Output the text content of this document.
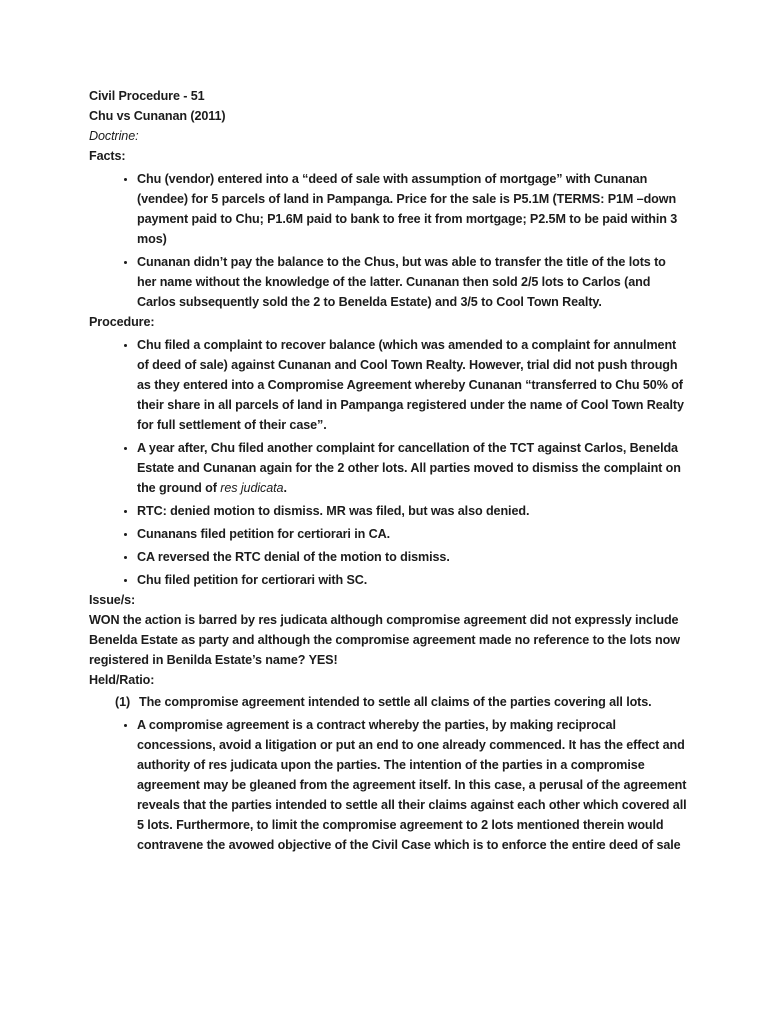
Civil Procedure - 51

Chu vs Cunanan (2011)

Doctrine:

Facts:

• Chu (vendor) entered into a “deed of sale with assumption of mortgage” with Cunanan (vendee) for 5 parcels of land in Pampanga. Price for the sale is P5.1M (TERMS: P1M –down payment paid to Chu; P1.6M paid to bank to free it from mortgage; P2.5M to be paid within 3 mos)
• Cunanan didn’t pay the balance to the Chus, but was able to transfer the title of the lots to her name without the knowledge of the latter. Cunanan then sold 2/5 lots to Carlos (and Carlos subsequently sold the 2 to Benelda Estate) and 3/5 to Cool Town Realty.

Procedure:

• Chu filed a complaint to recover balance (which was amended to a complaint for annulment of deed of sale) against Cunanan and Cool Town Realty. However, trial did not push through as they entered into a Compromise Agreement whereby Cunanan “transferred to Chu 50% of their share in all parcels of land in Pampanga registered under the name of Cool Town Realty for full settlement of their case”.
• A year after, Chu filed another complaint for cancellation of the TCT against Carlos, Benelda Estate and Cunanan again for the 2 other lots. All parties moved to dismiss the complaint on the ground of res judicata.
• RTC: denied motion to dismiss. MR was filed, but was also denied.
• Cunanans filed petition for certiorari in CA.
• CA reversed the RTC denial of the motion to dismiss.
• Chu filed petition for certiorari with SC.

Issue/s:

WON the action is barred by res judicata although compromise agreement did not expressly include Benelda Estate as party and although the compromise agreement made no reference to the lots now registered in Benilda Estate’s name? YES!

Held/Ratio:

(1) The compromise agreement intended to settle all claims of the parties covering all lots.
• A compromise agreement is a contract whereby the parties, by making reciprocal concessions, avoid a litigation or put an end to one already commenced. It has the effect and authority of res judicata upon the parties. The intention of the parties in a compromise agreement may be gleaned from the agreement itself. In this case, a perusal of the agreement reveals that the parties intended to settle all their claims against each other which covered all 5 lots. Furthermore, to limit the compromise agreement to 2 lots mentioned therein would contravene the avowed objective of the Civil Case which is to enforce the entire deed of sale
